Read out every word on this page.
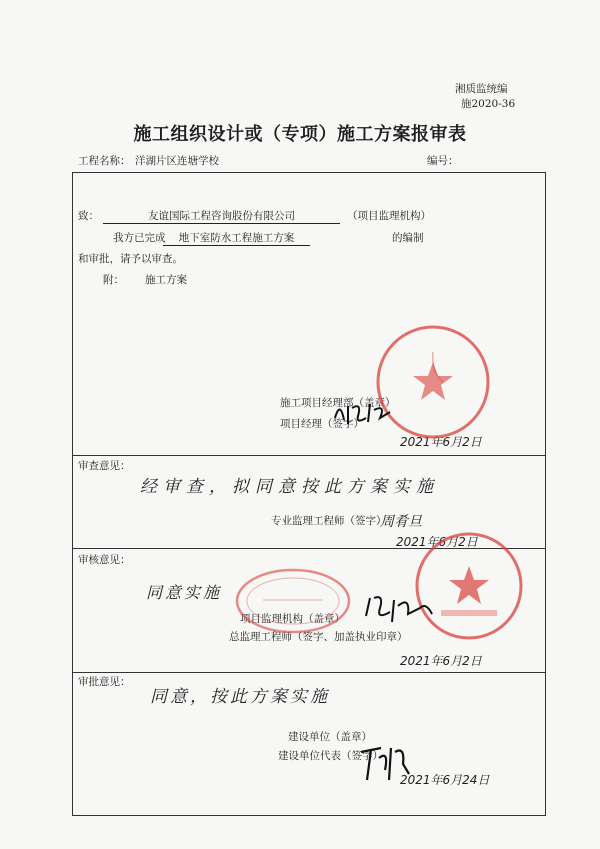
湘质监统编
施2020-36
施工组织设计或（专项）施工方案报审表
工程名称： 洋湖片区连塘学校	编号：
致：	友谊国际工程咨询股份有限公司	（项目监理机构）
我方已完成	地下室防水工程施工方案	的编制
和审批，请予以审查。
附： 施工方案
施工项目经理部（盖章）
项目经理（签字）
2021年6月2日
审查意见：
经审查，拟同意按此方案实施
专业监理工程师（签字）
周肴旦
2021年6月2日
审核意见：
同意实施
项目监理机构（盖章）
总监理工程师（签字、加盖执业印章）
2021年6月2日
审批意见：
同意，按此方案实施
建设单位（盖章）
建设单位代表（签字）
2021年6月24日
